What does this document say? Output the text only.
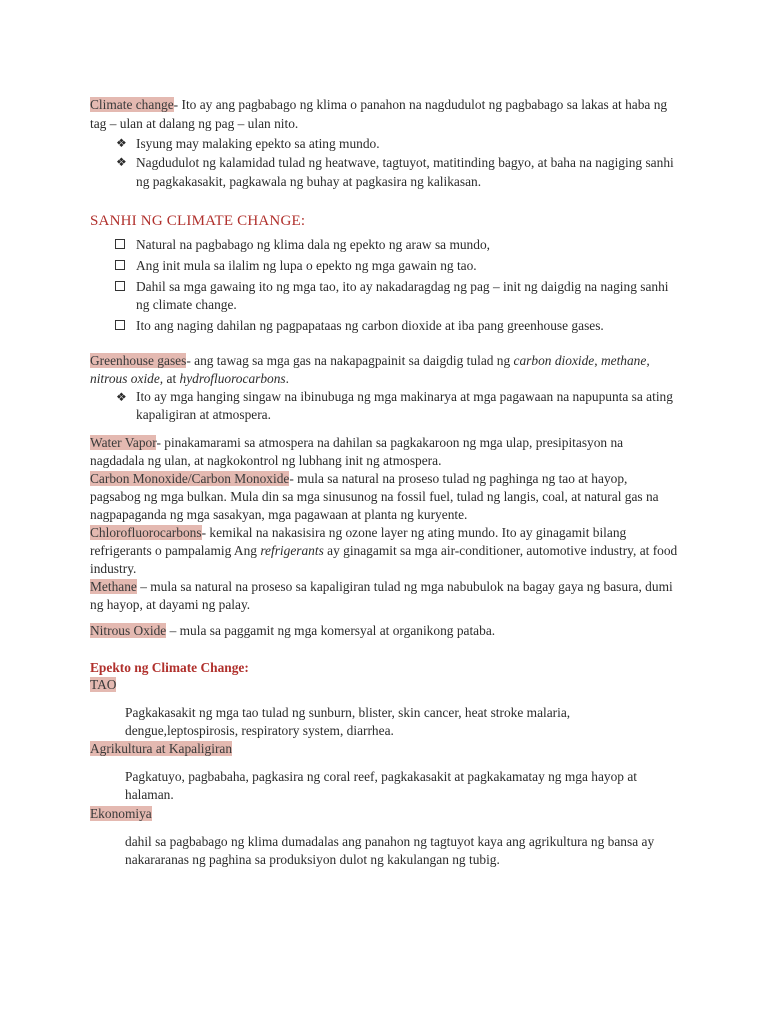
Climate change- Ito ay ang pagbabago ng klima o panahon na nagdudulot ng pagbabago sa lakas at haba ng tag – ulan at dalang ng pag – ulan nito.

❖ Isyung may malaking epekto sa ating mundo.
❖ Nagdudulot ng kalamidad tulad ng heatwave, tagtuyot, matitinding bagyo, at baha na nagiging sanhi ng pagkakasakit, pagkawala ng buhay at pagkasira ng kalikasan.
SANHI NG CLIMATE CHANGE:
Natural na pagbabago ng klima dala ng epekto ng araw sa mundo,
Ang init mula sa ilalim ng lupa o epekto ng mga gawain ng tao.
Dahil sa mga gawaing ito ng mga tao, ito ay nakadaragdag ng pag – init ng daigdig na naging sanhi ng climate change.
Ito ang naging dahilan ng pagpapataas ng carbon dioxide at iba pang greenhouse gases.

Greenhouse gases- ang tawag sa mga gas na nakapagpainit sa daigdig tulad ng carbon dioxide, methane, nitrous oxide, at hydrofluorocarbons.

❖ Ito ay mga hanging singaw na ibinubuga ng mga makinarya at mga pagawaan na napupunta sa ating kapaligiran at atmospera.

Water Vapor- pinakamarami sa atmospera na dahilan sa pagkakaroon ng mga ulap, presipitasyon na nagdadala ng ulan, at nagkokontrol ng lubhang init ng atmospera.

Carbon Monoxide/Carbon Monoxide- mula sa natural na proseso tulad ng paghinga ng tao at hayop, pagsabog ng mga bulkan. Mula din sa mga sinusunog na fossil fuel, tulad ng langis, coal, at natural gas na nagpapaganda ng mga sasakyan, mga pagawaan at planta ng kuryente.

Chlorofluorocarbons- kemikal na nakasisira ng ozone layer ng ating mundo. Ito ay ginagamit bilang refrigerants o pampalamig Ang refrigerants ay ginagamit sa mga air-conditioner, automotive industry, at food industry.

Methane – mula sa natural na proseso sa kapaligiran tulad ng mga nabubulok na bagay gaya ng basura, dumi ng hayop, at dayami ng palay.

Nitrous Oxide – mula sa paggamit ng mga komersyal at organikong pataba.

Epekto ng Climate Change:
TAO
Pagkakasakit ng mga tao tulad ng sunburn, blister, skin cancer, heat stroke malaria, dengue,leptospirosis, respiratory system, diarrhea.
Agrikultura at Kapaligiran
Pagkatuyo, pagbabaha, pagkasira ng coral reef, pagkakasakit at pagkakamatay ng mga hayop at halaman.
Ekonomiya
dahil sa pagbabago ng klima dumadalas ang panahon ng tagtuyot kaya ang agrikultura ng bansa ay nakararanas ng paghina sa produksiyon dulot ng kakulangan ng tubig.
